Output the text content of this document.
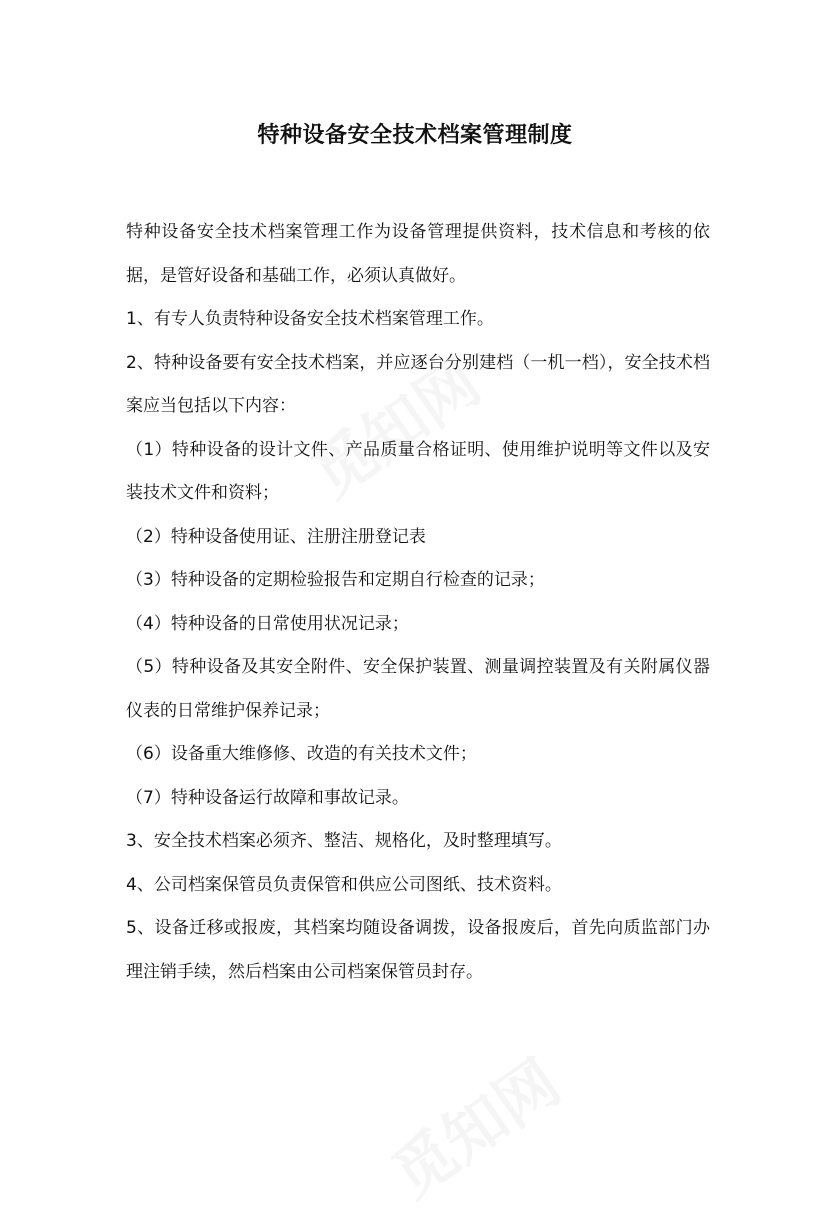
特种设备安全技术档案管理制度

特种设备安全技术档案管理工作为设备管理提供资料，技术信息和考核的依据，是管好设备和基础工作，必须认真做好。

1、有专人负责特种设备安全技术档案管理工作。

2、特种设备要有安全技术档案，并应逐台分别建档（一机一档），安全技术档案应当包括以下内容：

（1）特种设备的设计文件、产品质量合格证明、使用维护说明等文件以及安装技术文件和资料；

（2）特种设备使用证、注册注册登记表

（3）特种设备的定期检验报告和定期自行检查的记录；

（4）特种设备的日常使用状况记录；

（5）特种设备及其安全附件、安全保护装置、测量调控装置及有关附属仪器仪表的日常维护保养记录；

（6）设备重大维修修、改造的有关技术文件；

（7）特种设备运行故障和事故记录。

3、安全技术档案必须齐、整洁、规格化，及时整理填写。

4、公司档案保管员负责保管和供应公司图纸、技术资料。

5、设备迁移或报废，其档案均随设备调拨，设备报废后，首先向质监部门办理注销手续，然后档案由公司档案保管员封存。
